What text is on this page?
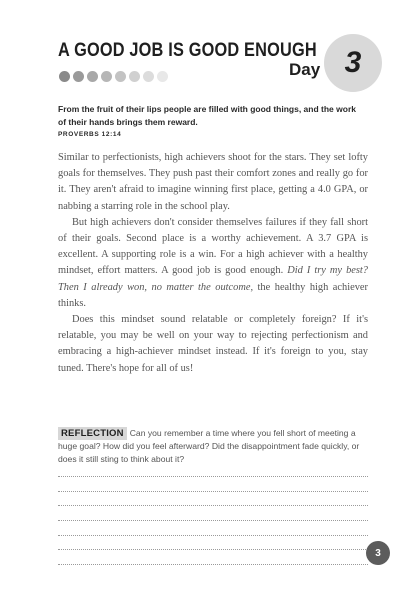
A GOOD JOB IS GOOD ENOUGH
Day 3
From the fruit of their lips people are filled with good things, and the work of their hands brings them reward.
PROVERBS 12:14

Similar to perfectionists, high achievers shoot for the stars. They set lofty goals for themselves. They push past their comfort zones and really go for it. They aren't afraid to imagine winning first place, getting a 4.0 GPA, or nabbing a starring role in the school play.

But high achievers don't consider themselves failures if they fall short of their goals. Second place is a worthy achievement. A 3.7 GPA is excellent. A supporting role is a win. For a high achiever with a healthy mindset, effort matters. A good job is good enough. Did I try my best? Then I already won, no matter the outcome, the healthy high achiever thinks.

Does this mindset sound relatable or completely foreign? If it's relatable, you may be well on your way to rejecting perfectionism and embracing a high-achiever mindset instead. If it's foreign to you, stay tuned. There's hope for all of us!

REFLECTION Can you remember a time where you fell short of meeting a huge goal? How did you feel afterward? Did the disappointment fade quickly, or does it still sting to think about it?
3
